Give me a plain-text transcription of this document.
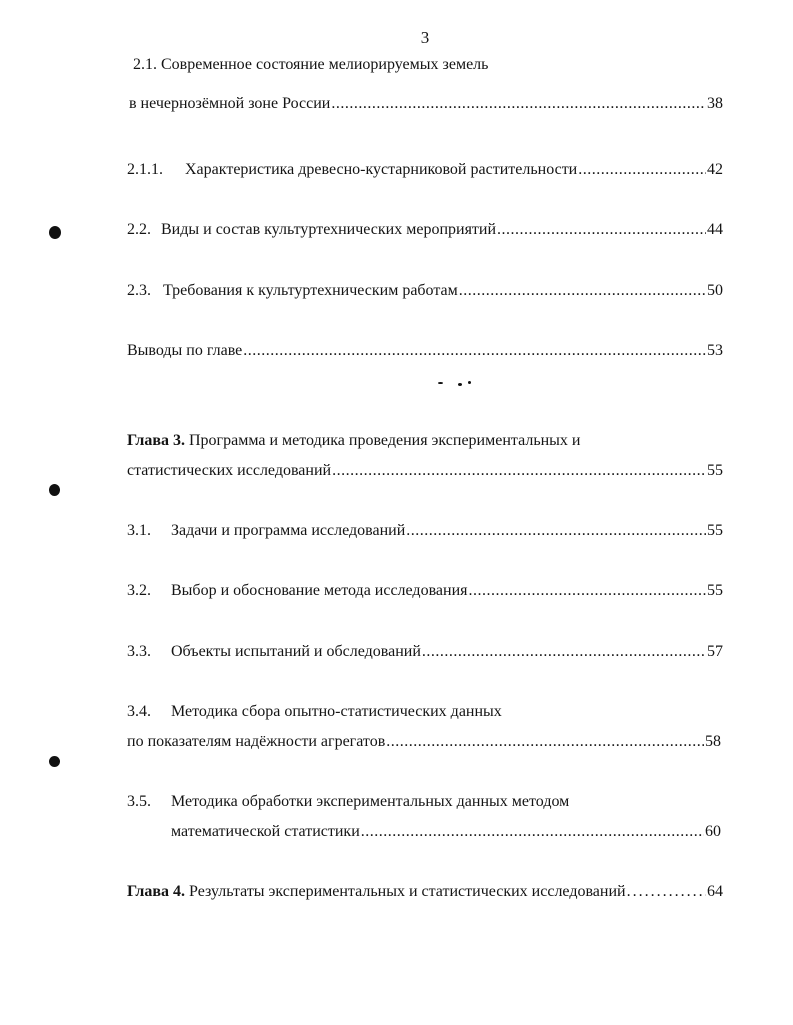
3
2.1. Современное состояние мелиорируемых земель
в нечернозёмной зоне России .....	38
2.1.1.	Характеристика древесно-кустарниковой растительности .....	42
2.2. Виды и состав культуртехнических мероприятий .....	44
2.3. Требования к культуртехническим работам .....	50
Выводы по главе .....	53
Глава 3. Программа и методика проведения экспериментальных и
статистических исследований .....	55
3.1.	Задачи и программа исследований .....	55
3.2.	Выбор и обоснование метода исследования .....	55
3.3.	Объекты испытаний и обследований .....	57
3.4. Методика сбора опытно-статистических данных
по показателям надёжности агрегатов .....	58
3.5. Методика обработки экспериментальных данных методом
математической статистики .....	60
Глава 4. Результаты экспериментальных и статистических исследований .....	64
